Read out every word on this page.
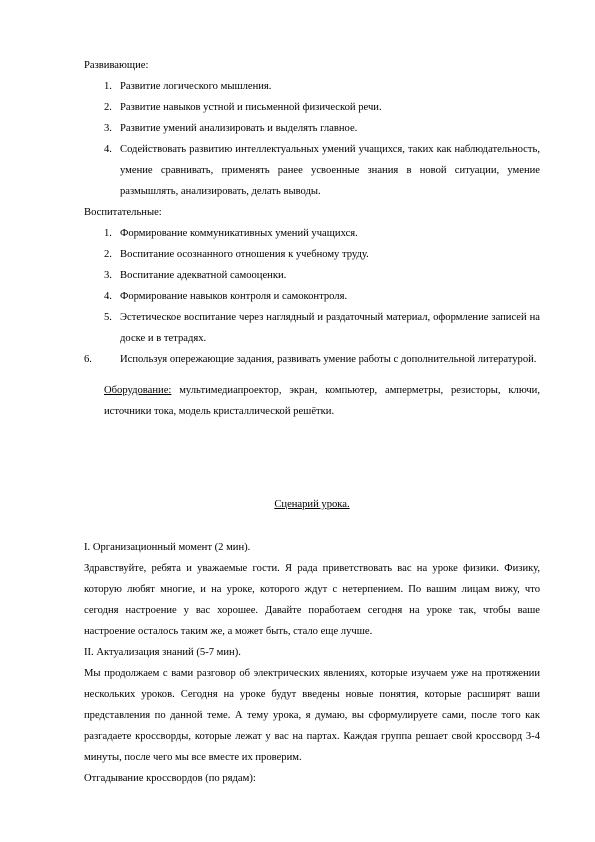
Развивающие:
1. Развитие логического мышления.
2. Развитие навыков устной и письменной физической речи.
3. Развитие умений анализировать и выделять главное.
4. Содействовать развитию интеллектуальных умений учащихся, таких как наблюдательность, умение сравнивать, применять ранее усвоенные знания в новой ситуации, умение размышлять, анализировать, делать выводы.
Воспитательные:
1. Формирование коммуникативных умений учащихся.
2. Воспитание осознанного отношения к учебному труду.
3. Воспитание адекватной самооценки.
4. Формирование навыков контроля и самоконтроля.
5. Эстетическое воспитание через наглядный и раздаточный материал, оформление записей на доске и в тетрадях.
6.	Используя опережающие задания, развивать умение работы с дополнительной литературой.
Оборудование: мультимедиапроектор, экран, компьютер, амперметры, резисторы, ключи, источники тока, модель кристаллической решётки.
Сценарий урока.

I. Организационный момент (2 мин).

Здравствуйте, ребята и уважаемые гости. Я рада приветствовать вас на уроке физики. Физику, которую любят многие, и на уроке, которого ждут с нетерпением. По вашим лицам вижу, что сегодня настроение у вас хорошее. Давайте поработаем сегодня на уроке так, чтобы ваше настроение осталось таким же, а может быть, стало еще лучше.

II. Актуализация знаний (5-7 мин).

Мы продолжаем с вами разговор об электрических явлениях, которые изучаем уже на протяжении нескольких уроков. Сегодня на уроке будут введены новые понятия, которые расширят ваши представления по данной теме. А тему урока, я думаю, вы сформулируете сами, после того как разгадаете кроссворды, которые лежат у вас на партах. Каждая группа решает свой кроссворд 3-4 минуты, после чего мы все вместе их проверим.

Отгадывание кроссвордов (по рядам):
